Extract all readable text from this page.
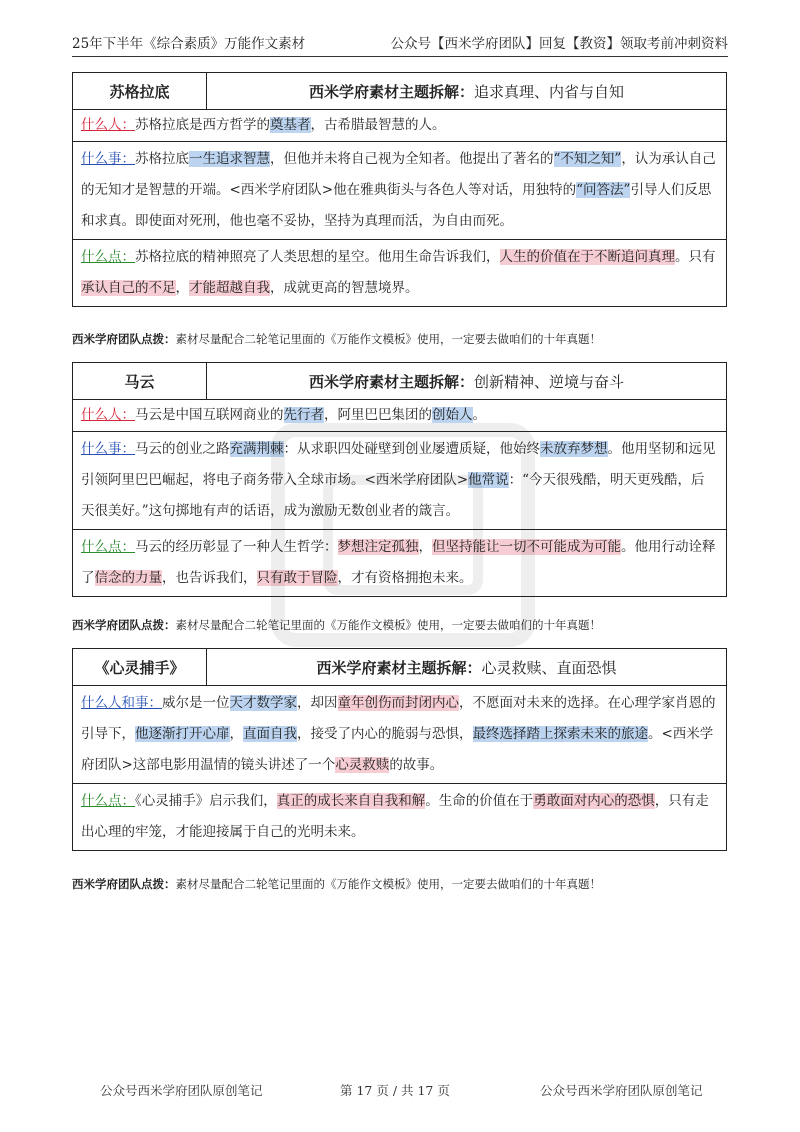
25年下半年《综合素质》万能作文素材	公众号【西米学府团队】回复【教资】领取考前冲刺资料
苏格拉底	西米学府素材主题拆解： 追求真理、内省与自知
什么人：苏格拉底是西方哲学的奠基者，古希腊最智慧的人。
什么事：苏格拉底一生追求智慧，但他并未将自己视为全知者。他提出了著名的“不知之知”，认为承认自己的无知才是智慧的开端。<西米学府团队>他在雅典街头与各色人等对话，用独特的“问答法”引导人们反思和求真。即使面对死刑，他也毫不妥协，坚持为真理而活，为自由而死。
什么点：苏格拉底的精神照亮了人类思想的星空。他用生命告诉我们，人生的价值在于不断追问真理。只有承认自己的不足，才能超越自我，成就更高的智慧境界。
西米学府团队点拨：素材尽量配合二轮笔记里面的《万能作文模板》使用，一定要去做咱们的十年真题！
马云	西米学府素材主题拆解： 创新精神、逆境与奋斗
什么人：马云是中国互联网商业的先行者，阿里巴巴集团的创始人。
什么事：马云的创业之路充满荆棘：从求职四处碰壁到创业屡遭质疑，他始终未放弃梦想。他用坚韧和远见引领阿里巴巴崛起，将电子商务带入全球市场。<西米学府团队>他常说：“今天很残酷，明天更残酷，后天很美好。”这句掷地有声的话语，成为激励无数创业者的箴言。
什么点：马云的经历彰显了一种人生哲学：梦想注定孤独，但坚持能让一切不可能成为可能。他用行动诠释了信念的力量，也告诉我们，只有敢于冒险，才有资格拥抱未来。
西米学府团队点拨：素材尽量配合二轮笔记里面的《万能作文模板》使用，一定要去做咱们的十年真题！
《心灵捕手》	西米学府素材主题拆解： 心灵救赎、直面恐惧
什么人和事：威尔是一位天才数学家，却因童年创伤而封闭内心，不愿面对未来的选择。在心理学家肖恩的引导下，他逐渐打开心扉，直面自我，接受了内心的脆弱与恐惧，最终选择踏上探索未来的旅途。<西米学府团队>这部电影用温情的镜头讲述了一个心灵救赎的故事。
什么点：《心灵捕手》启示我们，真正的成长来自自我和解。生命的价值在于勇敢面对内心的恐惧，只有走出心理的牢笼，才能迎接属于自己的光明未来。
西米学府团队点拨：素材尽量配合二轮笔记里面的《万能作文模板》使用，一定要去做咱们的十年真题！
公众号西米学府团队原创笔记	第 17 页 / 共 17 页	公众号西米学府团队原创笔记
